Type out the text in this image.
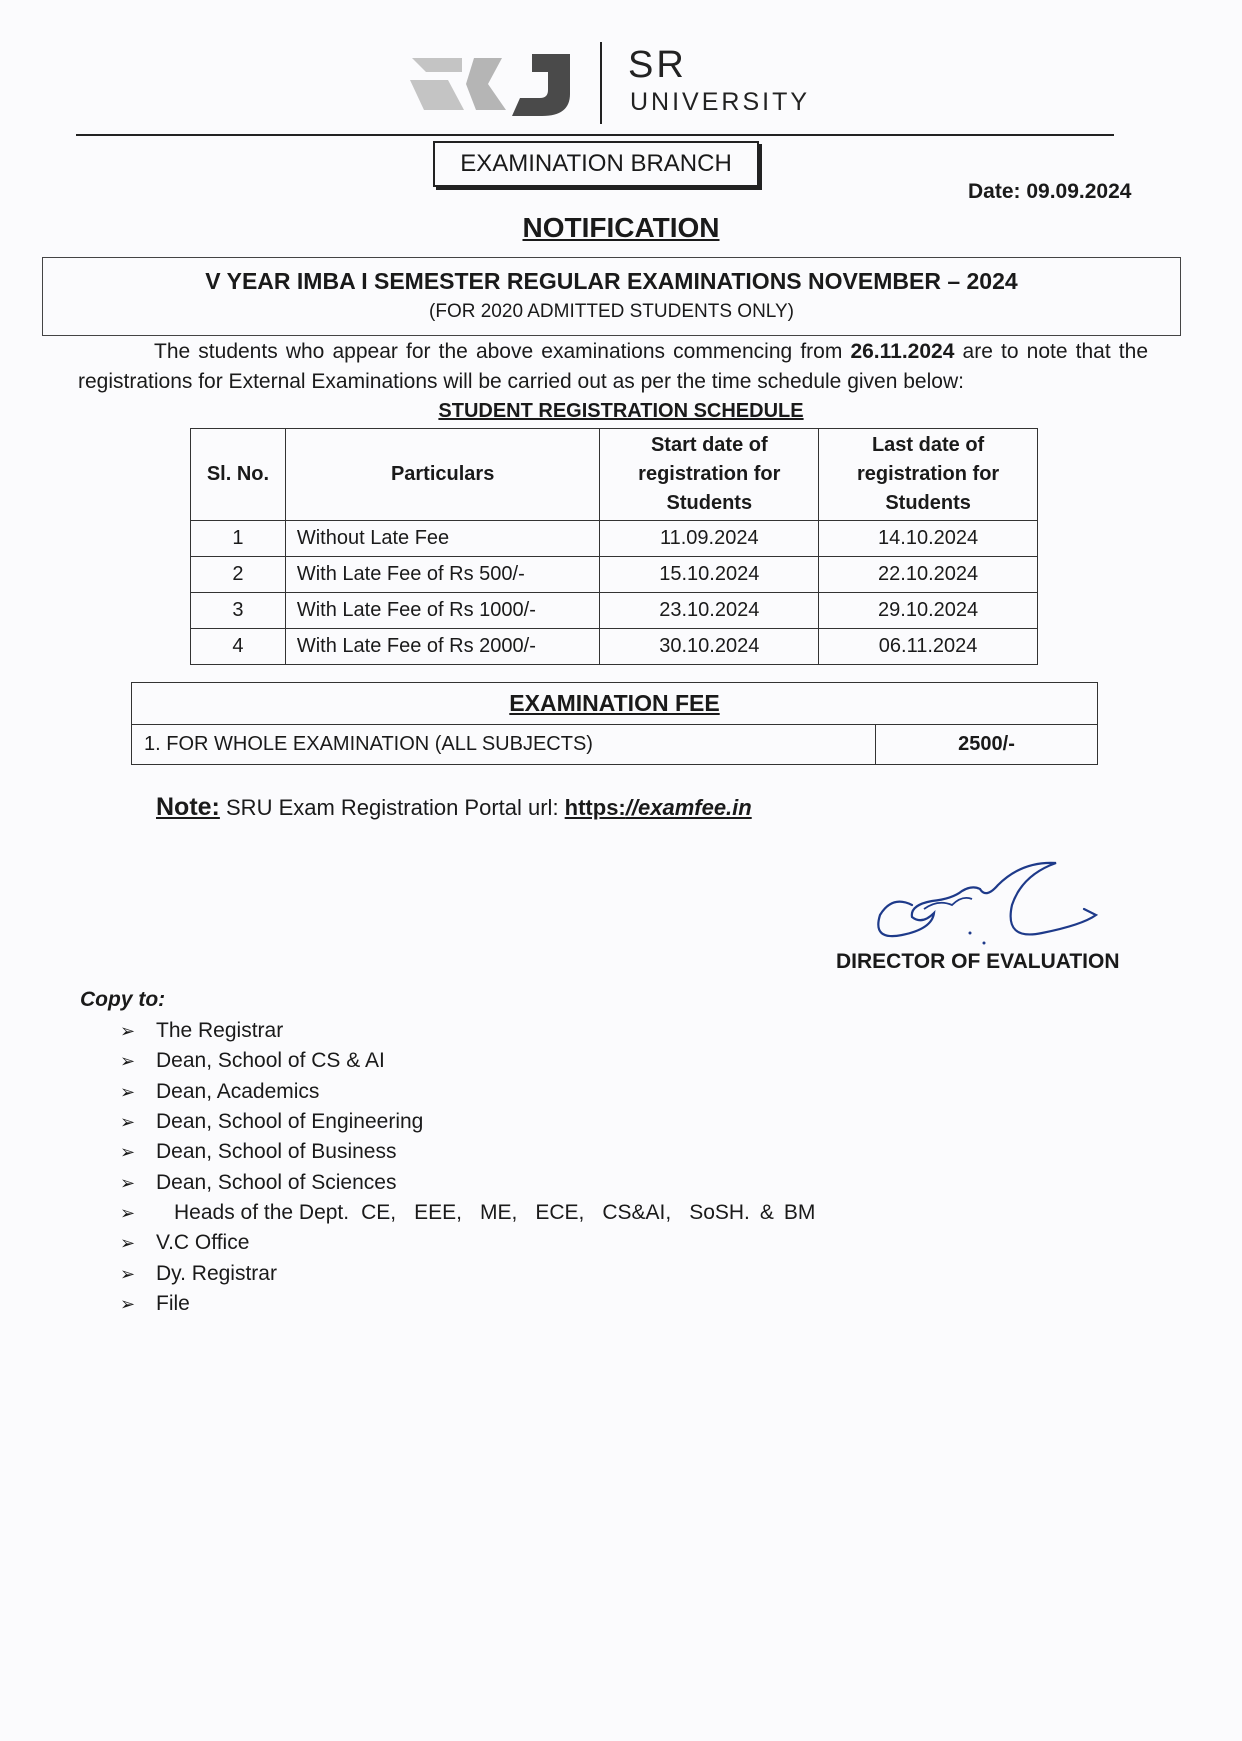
SR
UNIVERSITY
EXAMINATION BRANCH
Date: 09.09.2024
NOTIFICATION
V YEAR IMBA I SEMESTER REGULAR EXAMINATIONS NOVEMBER – 2024
(FOR 2020 ADMITTED STUDENTS ONLY)

The students who appear for the above examinations commencing from 26.11.2024 are to note that the registrations for External Examinations will be carried out as per the time schedule given below:

STUDENT REGISTRATION SCHEDULE
Sl. No.	Particulars	Start date of registration for Students	Last date of registration for Students
1	Without Late Fee	11.09.2024	14.10.2024
2	With Late Fee of Rs 500/-	15.10.2024	22.10.2024
3	With Late Fee of Rs 1000/-	23.10.2024	29.10.2024
4	With Late Fee of Rs 2000/-	30.10.2024	06.11.2024
EXAMINATION FEE
1. FOR WHOLE EXAMINATION (ALL SUBJECTS)	2500/-

Note: SRU Exam Registration Portal url: https://examfee.in

DIRECTOR OF EVALUATION
Copy to:
➢ The Registrar
➢ Dean, School of CS & AI
➢ Dean, Academics
➢ Dean, School of Engineering
➢ Dean, School of Business
➢ Dean, School of Sciences
➢	Heads of the Dept. CE, EEE, ME, ECE, CS&AI, SoSH. & BM
➢ V.C Office
➢ Dy. Registrar
➢ File
